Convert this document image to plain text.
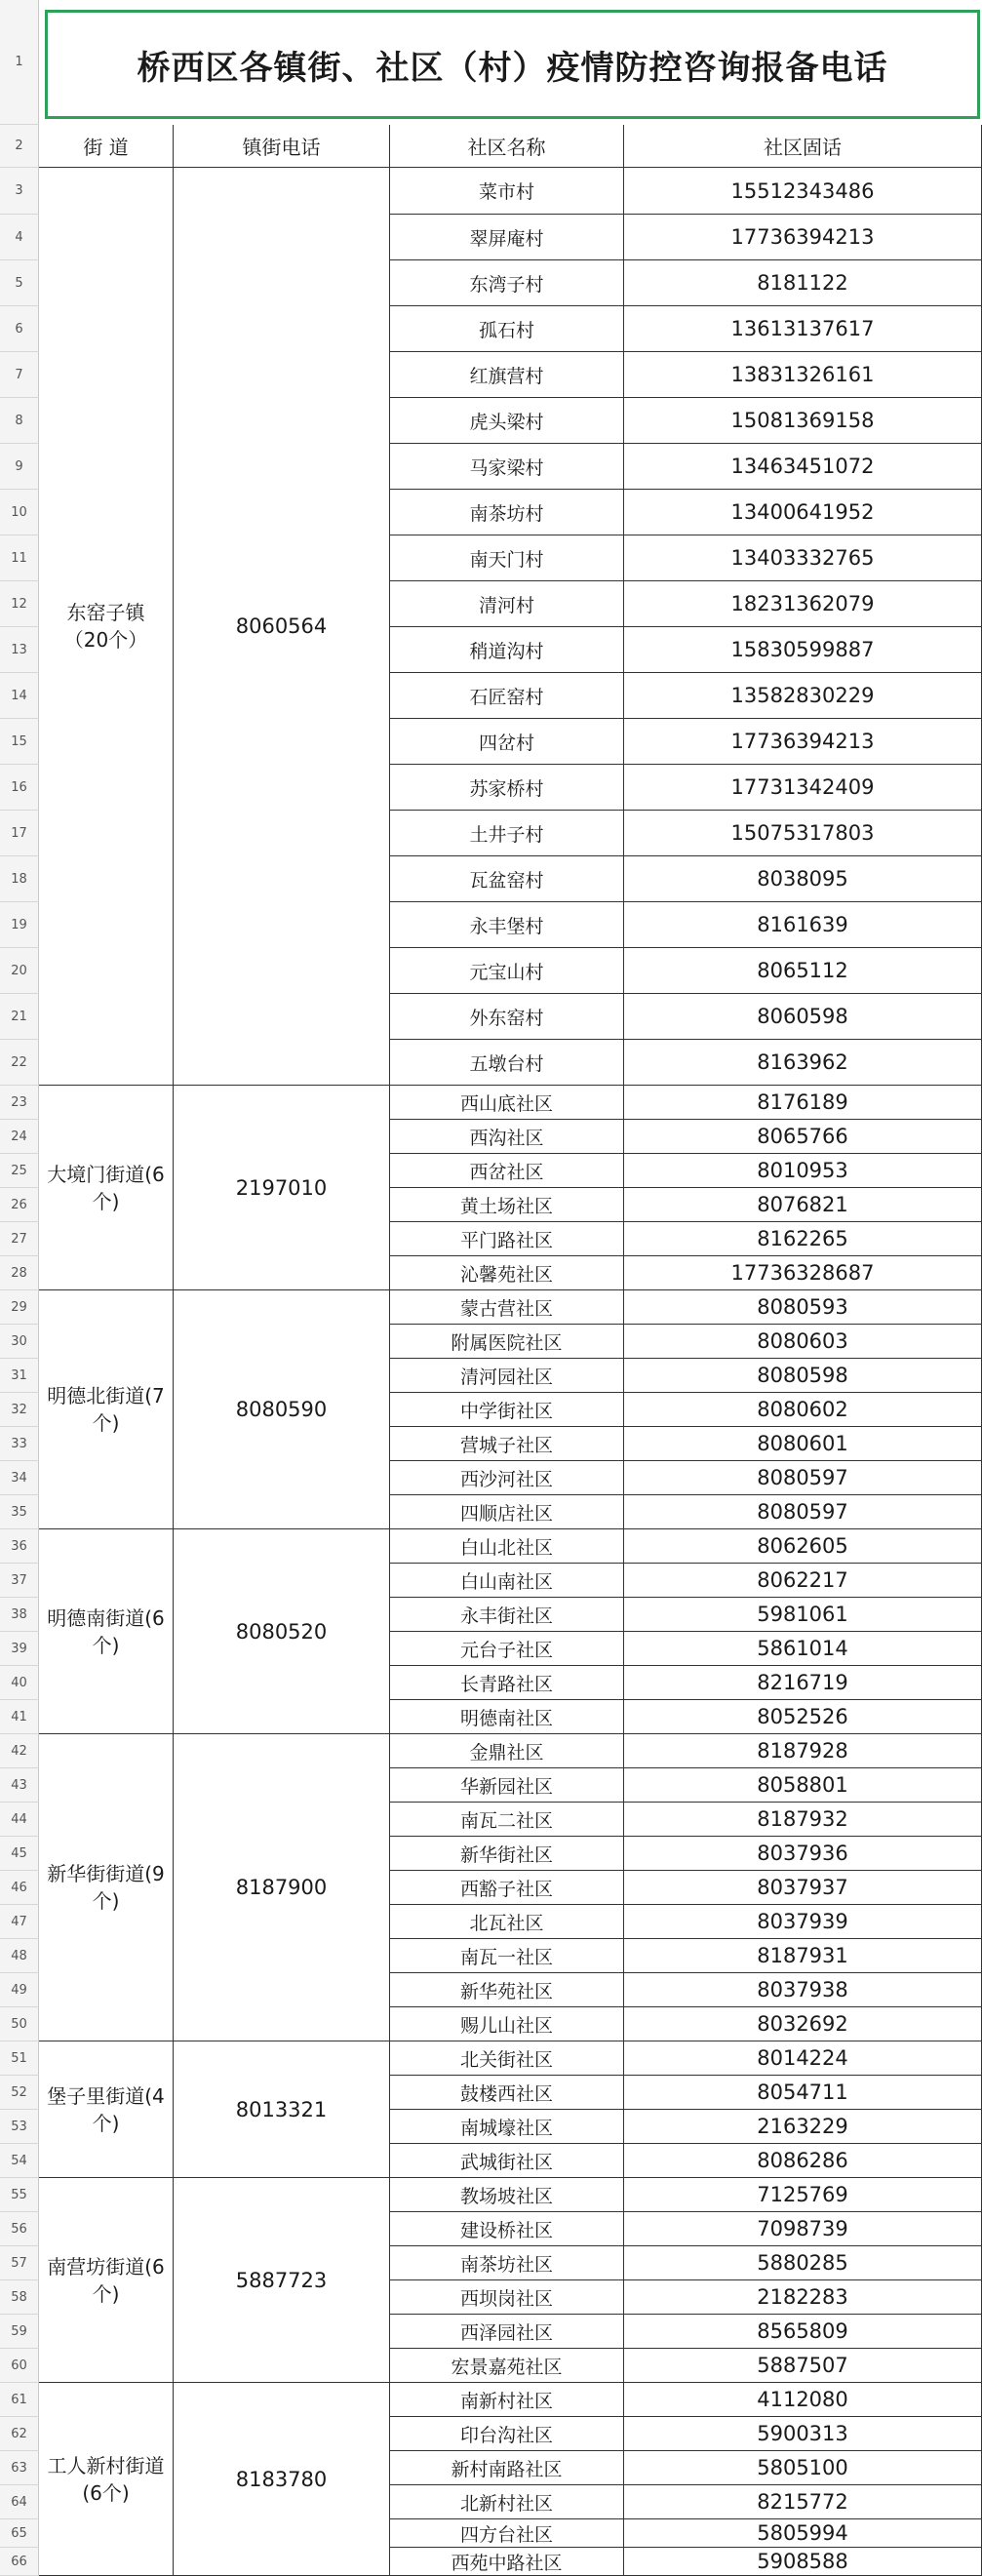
桥西区各镇街、社区（村）疫情防控咨询报备电话
1
2
3
4
5
6
7
8
9
10
11
12
13
14
15
16
17
18
19
20
21
22
23
24
25
26
27
28
29
30
31
32
33
34
35
36
37
38
39
40
41
42
43
44
45
46
47
48
49
50
51
52
53
54
55
56
57
58
59
60
61
62
63
64
65
66
街 道	镇街电话	社区名称	社区固话
东窑子镇（20个）
8060564
菜市村	15512343486
翠屏庵村	17736394213
东湾子村	8181122
孤石村	13613137617
红旗营村	13831326161
虎头梁村	15081369158
马家梁村	13463451072
南茶坊村	13400641952
南天门村	13403332765
清河村	18231362079
稍道沟村	15830599887
石匠窑村	13582830229
四岔村	17736394213
苏家桥村	17731342409
土井子村	15075317803
瓦盆窑村	8038095
永丰堡村	8161639
元宝山村	8065112
外东窑村	8060598
五墩台村	8163962
大境门街道(6个)
2197010
西山底社区	8176189
西沟社区	8065766
西岔社区	8010953
黄土场社区	8076821
平门路社区	8162265
沁馨苑社区	17736328687
明德北街道(7个)
8080590
蒙古营社区	8080593
附属医院社区	8080603
清河园社区	8080598
中学街社区	8080602
营城子社区	8080601
西沙河社区	8080597
四顺店社区	8080597
明德南街道(6个)
8080520
白山北社区	8062605
白山南社区	8062217
永丰街社区	5981061
元台子社区	5861014
长青路社区	8216719
明德南社区	8052526
新华街街道(9个)
8187900
金鼎社区	8187928
华新园社区	8058801
南瓦二社区	8187932
新华街社区	8037936
西豁子社区	8037937
北瓦社区	8037939
南瓦一社区	8187931
新华苑社区	8037938
赐儿山社区	8032692
堡子里街道(4个)
8013321
北关街社区	8014224
鼓楼西社区	8054711
南城壕社区	2163229
武城街社区	8086286
南营坊街道(6个)
5887723
教场坡社区	7125769
建设桥社区	7098739
南茶坊社区	5880285
西坝岗社区	2182283
西泽园社区	8565809
宏景嘉苑社区	5887507
工人新村街道(6个)
8183780
南新村社区	4112080
印台沟社区	5900313
新村南路社区	5805100
北新村社区	8215772
四方台社区	5805994
西苑中路社区	5908588
